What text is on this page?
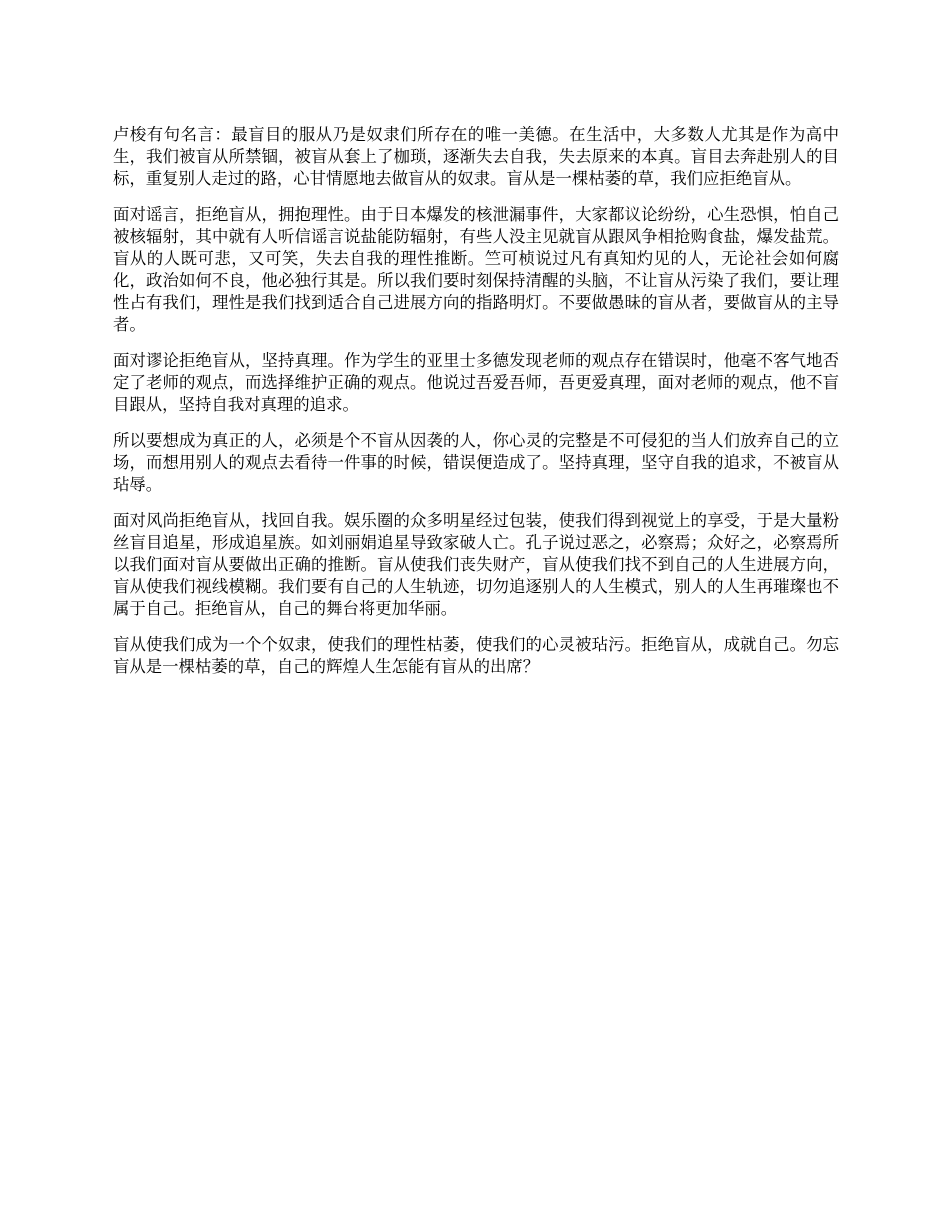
卢梭有句名言：最盲目的服从乃是奴隶们所存在的唯一美德。在生活中，大多数人尤其是作为高中生，我们被盲从所禁锢，被盲从套上了枷琐，逐渐失去自我，失去原来的本真。盲目去奔赴别人的目标，重复别人走过的路，心甘情愿地去做盲从的奴隶。盲从是一棵枯萎的草，我们应拒绝盲从。

面对谣言，拒绝盲从，拥抱理性。由于日本爆发的核泄漏事件，大家都议论纷纷，心生恐惧，怕自己被核辐射，其中就有人听信谣言说盐能防辐射，有些人没主见就盲从跟风争相抢购食盐，爆发盐荒。盲从的人既可悲，又可笑，失去自我的理性推断。竺可桢说过凡有真知灼见的人，无论社会如何腐化，政治如何不良，他必独行其是。所以我们要时刻保持清醒的头脑，不让盲从污染了我们，要让理性占有我们，理性是我们找到适合自己进展方向的指路明灯。不要做愚昧的盲从者，要做盲从的主导者。

面对谬论拒绝盲从，坚持真理。作为学生的亚里士多德发现老师的观点存在错误时，他毫不客气地否定了老师的观点，而选择维护正确的观点。他说过吾爱吾师，吾更爱真理，面对老师的观点，他不盲目跟从，坚持自我对真理的追求。

所以要想成为真正的人，必须是个不盲从因袭的人，你心灵的完整是不可侵犯的当人们放弃自己的立场，而想用别人的观点去看待一件事的时候，错误便造成了。坚持真理，坚守自我的追求，不被盲从玷辱。

面对风尚拒绝盲从，找回自我。娱乐圈的众多明星经过包装，使我们得到视觉上的享受，于是大量粉丝盲目追星，形成追星族。如刘丽娟追星导致家破人亡。孔子说过恶之，必察焉；众好之，必察焉所以我们面对盲从要做出正确的推断。盲从使我们丧失财产，盲从使我们找不到自己的人生进展方向，盲从使我们视线模糊。我们要有自己的人生轨迹，切勿追逐别人的人生模式，别人的人生再璀璨也不属于自己。拒绝盲从，自己的舞台将更加华丽。

盲从使我们成为一个个奴隶，使我们的理性枯萎，使我们的心灵被玷污。拒绝盲从，成就自己。勿忘盲从是一棵枯萎的草，自己的辉煌人生怎能有盲从的出席？
